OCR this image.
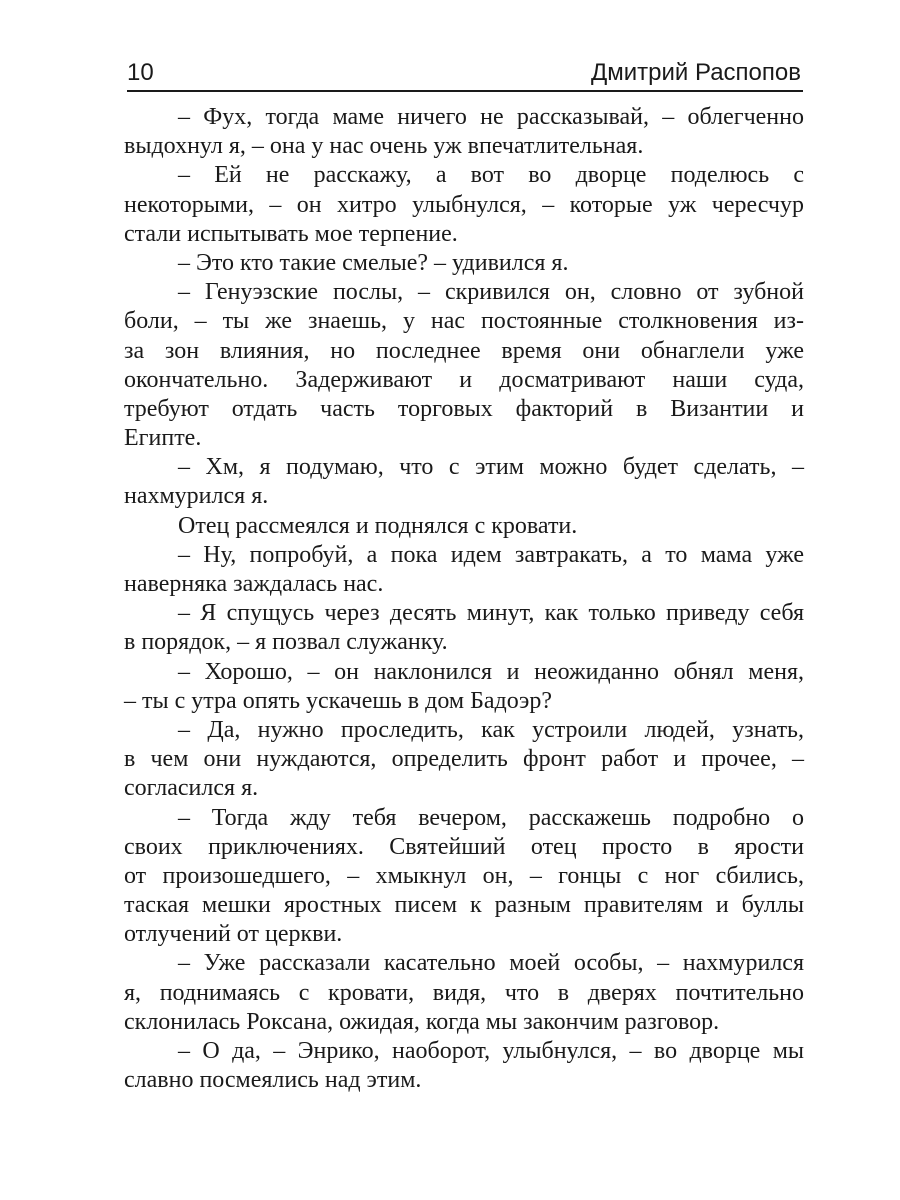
10	Дмитрий Распопов
– Фух, тогда маме ничего не рассказывай, – облегченно
выдохнул я, – она у нас очень уж впечатлительная.
– Ей не расскажу, а вот во дворце поделюсь с
некоторыми, – он хитро улыбнулся, – которые уж чересчур
стали испытывать мое терпение.
– Это кто такие смелые? – удивился я.
– Генуэзские послы, – скривился он, словно от зубной
боли, – ты же знаешь, у нас постоянные столкновения из-
за зон влияния, но последнее время они обнаглели уже
окончательно. Задерживают и досматривают наши суда,
требуют отдать часть торговых факторий в Византии и
Египте.
– Хм, я подумаю, что с этим можно будет сделать, –
нахмурился я.
Отец рассмеялся и поднялся с кровати.
– Ну, попробуй, а пока идем завтракать, а то мама уже
наверняка заждалась нас.
– Я спущусь через десять минут, как только приведу себя
в порядок, – я позвал служанку.
– Хорошо, – он наклонился и неожиданно обнял меня,
– ты с утра опять ускачешь в дом Бадоэр?
– Да, нужно проследить, как устроили людей, узнать,
в чем они нуждаются, определить фронт работ и прочее, –
согласился я.
– Тогда жду тебя вечером, расскажешь подробно о
своих приключениях. Святейший отец просто в ярости
от произошедшего, – хмыкнул он, – гонцы с ног сбились,
таская мешки яростных писем к разным правителям и буллы
отлучений от церкви.
– Уже рассказали касательно моей особы, – нахмурился
я, поднимаясь с кровати, видя, что в дверях почтительно
склонилась Роксана, ожидая, когда мы закончим разговор.
– О да, – Энрико, наоборот, улыбнулся, – во дворце мы
славно посмеялись над этим.
